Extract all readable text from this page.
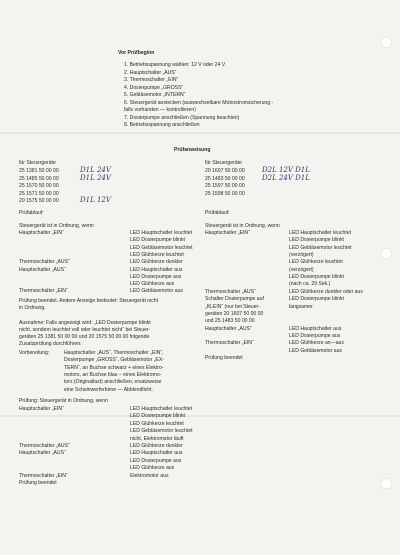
Vor Prüfbeginn
1. Betriebsspannung wählen: 12 V oder 24 V
2. Hauptschalter „AUS“
3. Thermoschalter „EIN“
4. Dosierpumpe „GROSS“
5. Gebläsemotor „INTERN“
6. Steuergerät anstecken (auswechselbare Motorstromsicherung -
falls vorhanden — kontrollieren)
7. Dosierpumpe anschließen (Spannung beachten)
8. Betriebsspannung anschließen
Prüfanweisung
für Steuergeräte
25 1381 50 00 00	D1L 24V
25 1485 50 00 00	D1L 24V
25 1570 50 00 00
25 1571 50 00 00
20 1575 50 00 00	D1L 12V
Prüfablauf:
Steuergerät ist in Ordnung, wenn
Hauptschalter „EIN“	LED Hauptschalter leuchtet
LED Dosierpumpe blinkt
LED Gebläsemotor leuchtet
LED Glühkerze leuchtet
Thermoschalter „AUS“	LED Glühkerze dunkler
Hauptschalter „AUS“	LED Hauptschalter aus
LED Dosierpumpe aus
LED Glühkerze aus
Thermoschalter „EIN“	LED Gebläsemotor aus
Prüfung beendet. Andere Anzeige bedeutet: Steuergerät nicht
in Ordnung.
Ausnahme: Falls angezeigt wird: „LED Dosierpumpe blinkt
nicht, sondern leuchtet voll oder leuchtet nicht“ bei Steuer-
geräten 25 1381 50 00 00 und 20 1575 50 00 00 folgende
Zusatzprüfung durchführen:
Vorbereitung:	Hauptschalter „AUS“, Thermoschalter „EIN“,
Dosierpumpe „GROSS“, Gebläsemotor „EX-
TERN“, an Buchse schwarz + eines Elektro-
motors, an Buchse blau – eines Elektromo-
tors (Originallast) anschließen, ersatzweise
eine Scheinwerferbirne — Abblendlicht.
Prüfung: Steuergerät in Ordnung, wenn
Hauptschalter „EIN“	LED Hauptschalter leuchtet
LED Dosierpumpe blinkt
LED Glühkerze leuchtet
LED Gebläsemotor leuchtet
nicht, Elektromotor läuft
Thermoschalter „AUS“	LED Glühkerze dunkler
Hauptschalter „AUS“	LED Hauptschalter aus
LED Dosierpumpe aus
LED Glühkerze aus
Thermoschalter „EIN“	Elektromotor aus
Prüfung beendet
für Steuergeräte
20 1607 50 00 00 D2L 12V D1L
25 1483 50 00 00 D2L 24V D1L
25 1597 50 00 00
25 1598 50 00 00
Prüfablauf:
Steuergerät ist in Ordnung, wenn
Hauptschalter „EIN“	LED Hauptschalter leuchtet
LED Dosierpumpe blinkt
LED Gebläsemotor leuchtet
(verzögert)
LED Glühkerze leuchtet
(verzögert)
LED Dosierpumpe blinkt
(nach ca. 29 Sek.)
Thermoschalter „AUS“	LED Glühkerze dunkler oder aus
Schalter Dosierpumpe auf	LED Dosierpumpe blinkt
„KLEIN“ (nur bei Steuer-	langsamer
geräten 20 1607 50 00 00
und 25 1483 50 00 00
Hauptschalter „AUS“	LED Hauptschalter aus
LED Dosierpumpe aus
Thermoschalter „EIN“	LED Glühkerze an—aus
LED Gebläsemotor aus
Prüfung beendet
